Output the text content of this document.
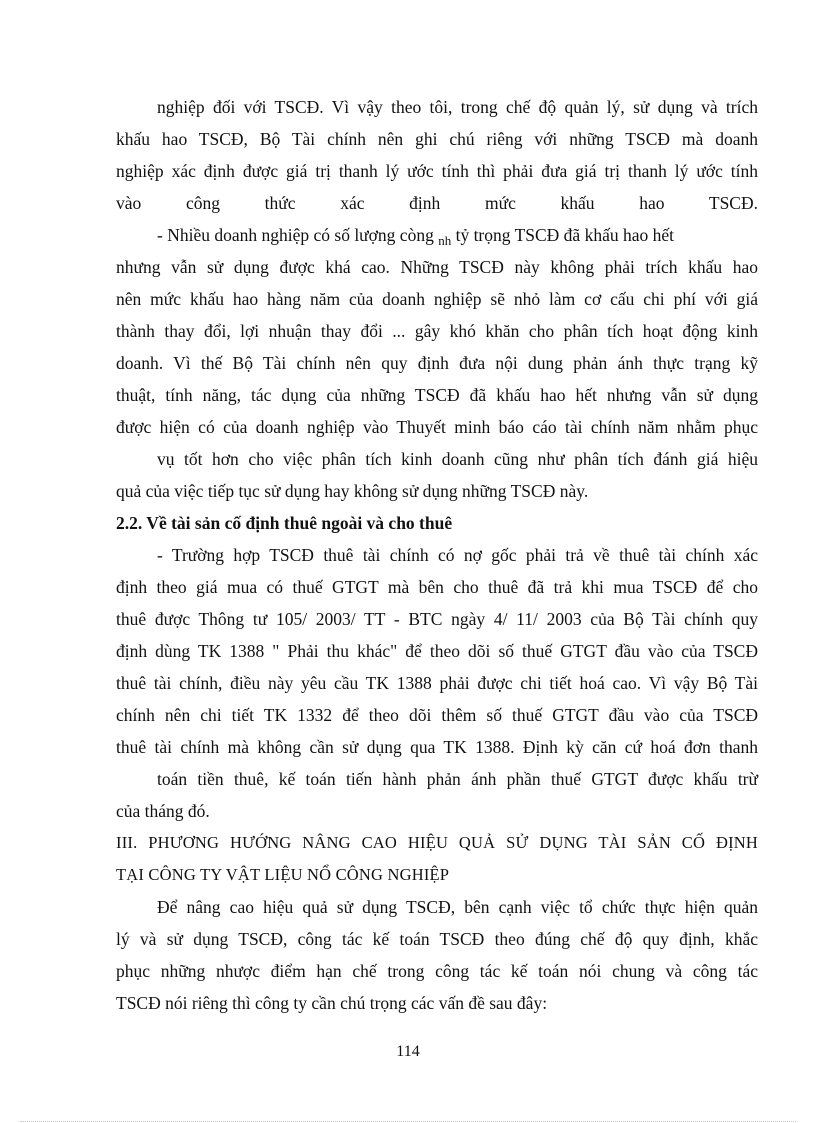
nghiệp đối với TSCĐ. Vì vậy theo tôi, trong chế độ quản lý, sử dụng và trích
khấu hao TSCĐ, Bộ Tài chính nên ghi chú riêng với những TSCĐ mà doanh
nghiệp xác định được giá trị thanh lý ước tính thì phải đưa giá trị thanh lý ước tính
vào công thức xác định mức khấu hao TSCĐ.
- Nhiều doanh nghiệp có số lượng còng $_{nh}$ tỷ trọng TSCĐ đã khấu hao hết
nhưng vẫn sử dụng được khá cao. Những TSCĐ này không phải trích khấu hao
nên mức khấu hao hàng năm của doanh nghiệp sẽ nhỏ làm cơ cấu chi phí với giá
thành thay đổi, lợi nhuận thay đổi ... gây khó khăn cho phân tích hoạt động kinh
doanh. Vì thế Bộ Tài chính nên quy định đưa nội dung phản ánh thực trạng kỹ
thuật, tính năng, tác dụng của những TSCĐ đã khấu hao hết nhưng vẫn sử dụng
được hiện có của doanh nghiệp vào Thuyết minh báo cáo tài chính năm nhằm phục
vụ tốt hơn cho việc phân tích kinh doanh cũng như phân tích đánh giá hiệu
quả của việc tiếp tục sử dụng hay không sử dụng những TSCĐ này.
2.2. Về tài sản cố định thuê ngoài và cho thuê
- Trường hợp TSCĐ thuê tài chính có nợ gốc phải trả về thuê tài chính xác
định theo giá mua có thuế GTGT mà bên cho thuê đã trả khi mua TSCĐ để cho
thuê được Thông tư 105/ 2003/ TT - BTC ngày 4/ 11/ 2003 của Bộ Tài chính quy
định dùng TK 1388 " Phải thu khác" để theo dõi số thuế GTGT đầu vào của TSCĐ
thuê tài chính, điều này yêu cầu TK 1388 phải được chi tiết hoá cao. Vì vậy Bộ Tài
chính nên chi tiết TK 1332 để theo dõi thêm số thuế GTGT đầu vào của TSCĐ
thuê tài chính mà không cần sử dụng qua TK 1388. Định kỳ căn cứ hoá đơn thanh
toán tiền thuê, kế toán tiến hành phản ánh phần thuế GTGT được khấu trừ
của tháng đó.
III. PHƯƠNG HƯỚNG NÂNG CAO HIỆU QUẢ SỬ DỤNG TÀI SẢN CỐ ĐỊNH
TẠI CÔNG TY VẬT LIỆU NỔ CÔNG NGHIỆP
Để nâng cao hiệu quả sử dụng TSCĐ, bên cạnh việc tổ chức thực hiện quản
lý và sử dụng TSCĐ, công tác kế toán TSCĐ theo đúng chế độ quy định, khắc
phục những nhược điểm hạn chế trong công tác kế toán nói chung và công tác
TSCĐ nói riêng thì công ty cần chú trọng các vấn đề sau đây:
114
